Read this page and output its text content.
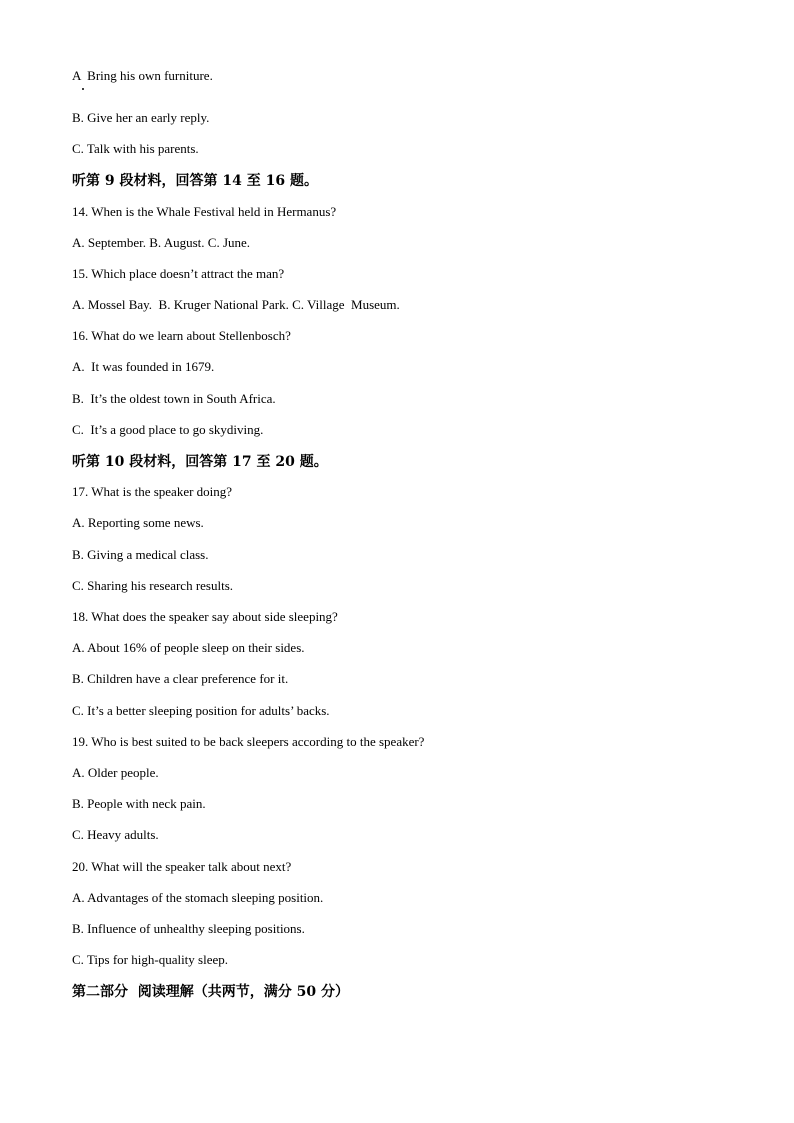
A  Bring his own furniture.
B. Give her an early reply.
C. Talk with his parents.
听第 9 段材料，回答第 14 至 16 题。
14. When is the Whale Festival held in Hermanus?
A. September. B. August. C. June.
15. Which place doesn’t attract the man?
A. Mossel Bay.  B. Kruger National Park. C. Village  Museum.
16. What do we learn about Stellenbosch?
A.  It was founded in 1679.
B.  It’s the oldest town in South Africa.
C.  It’s a good place to go skydiving.
听第 10 段材料，回答第 17 至 20 题。
17. What is the speaker doing?
A. Reporting some news.
B. Giving a medical class.
C. Sharing his research results.
18. What does the speaker say about side sleeping?
A. About 16% of people sleep on their sides.
B. Children have a clear preference for it.
C. It’s a better sleeping position for adults’ backs.
19. Who is best suited to be back sleepers according to the speaker?
A. Older people.
B. People with neck pain.
C. Heavy adults.
20. What will the speaker talk about next?
A. Advantages of the stomach sleeping position.
B. Influence of unhealthy sleeping positions.
C. Tips for high-quality sleep.
第二部分  阅读理解（共两节，满分 50 分）
